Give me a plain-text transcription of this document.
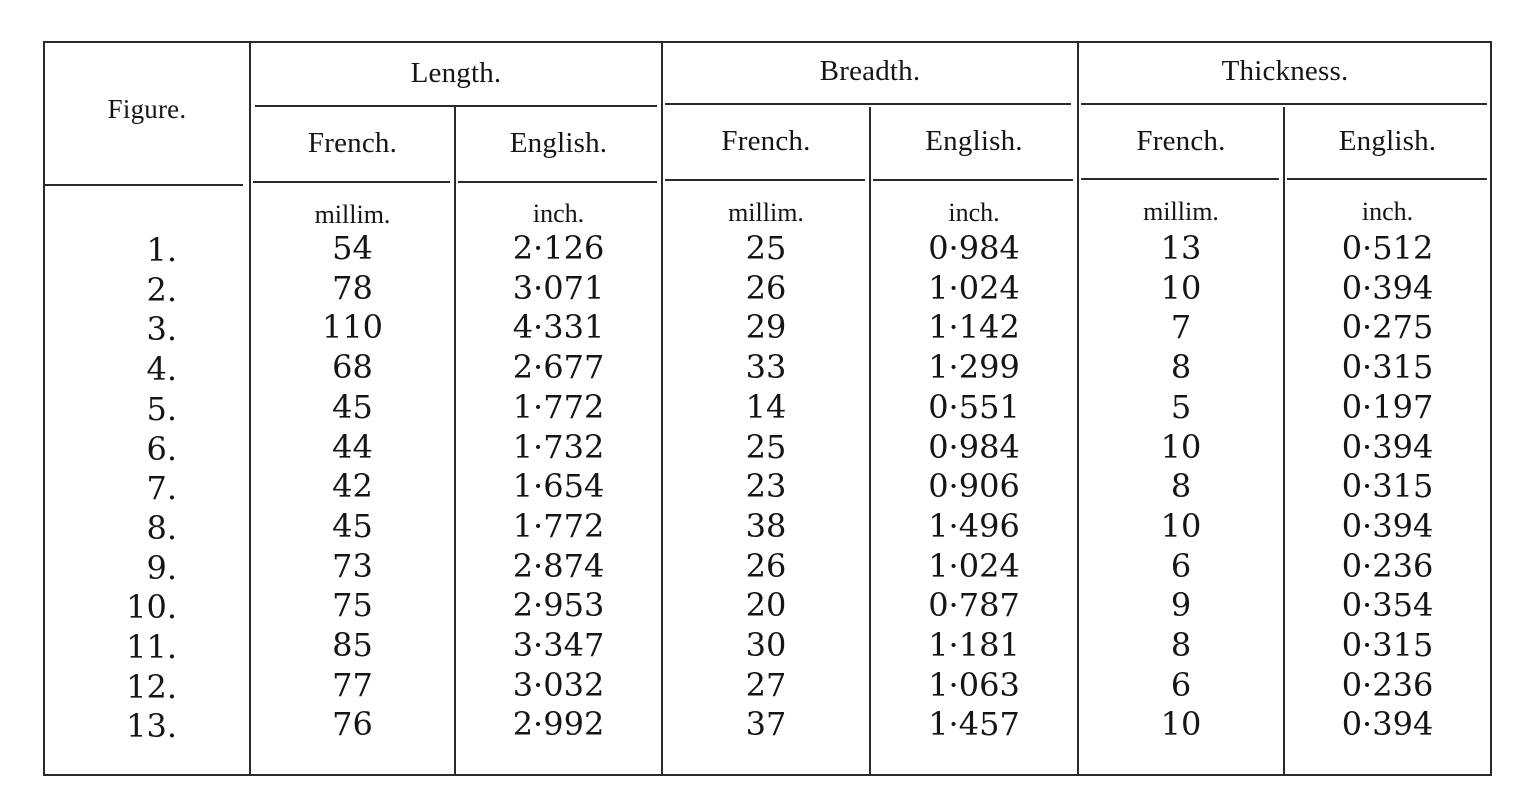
Figure.
Length.	Breadth.	Thickness.
French.	English.	French.	English.	French.	English.
millim.	inch.	millim.	inch.	millim.	inch.
1.	54	2·126	25	0·984	13	0·512
2.	78	3·071	26	1·024	10	0·394
3.	110	4·331	29	1·142	7	0·275
4.	68	2·677	33	1·299	8	0·315
5.	45	1·772	14	0·551	5	0·197
6.	44	1·732	25	0·984	10	0·394
7.	42	1·654	23	0·906	8	0·315
8.	45	1·772	38	1·496	10	0·394
9.	73	2·874	26	1·024	6	0·236
10.	75	2·953	20	0·787	9	0·354
11.	85	3·347	30	1·181	8	0·315
12.	77	3·032	27	1·063	6	0·236
13.	76	2·992	37	1·457	10	0·394
